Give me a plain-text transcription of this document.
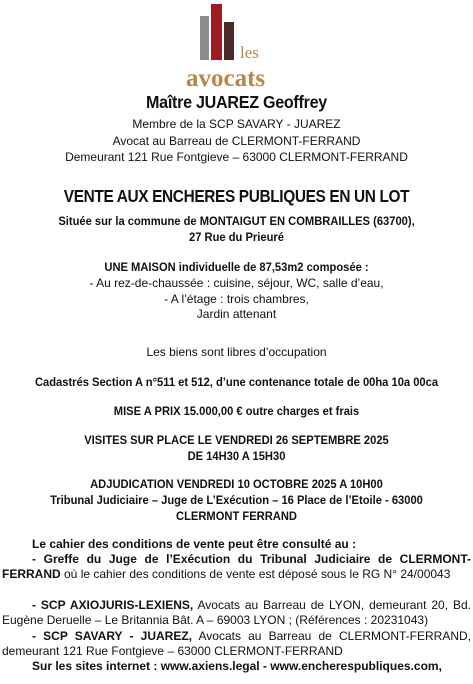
les
avocats
Maître JUAREZ Geoffrey
Membre de la SCP SAVARY - JUAREZ
Avocat au Barreau de CLERMONT-FERRAND
Demeurant 121 Rue Fontgieve – 63000 CLERMONT-FERRAND
VENTE AUX ENCHERES PUBLIQUES EN UN LOT
Située sur la commune de MONTAIGUT EN COMBRAILLES (63700),
27 Rue du Prieuré
UNE MAISON individuelle de 87,53m2 composée :
- Au rez-de-chaussée : cuisine, séjour, WC, salle d’eau,
- A l’étage : trois chambres,
Jardin attenant
Les biens sont libres d’occupation
Cadastrés Section A n°511 et 512, d’une contenance totale de 00ha 10a 00ca
MISE A PRIX 15.000,00 € outre charges et frais
VISITES SUR PLACE LE VENDREDI 26 SEPTEMBRE 2025
DE 14H30 A 15H30
ADJUDICATION VENDREDI 10 OCTOBRE 2025 A 10H00
Tribunal Judiciaire – Juge de L’Exécution – 16 Place de l’Etoile - 63000
CLERMONT FERRAND
Le cahier des conditions de vente peut être consulté au :
- Greffe du Juge de l’Exécution du Tribunal Judiciaire de CLERMONT-FERRAND où le cahier des conditions de vente est déposé sous le RG N° 24/00043
- SCP AXIOJURIS-LEXIENS, Avocats au Barreau de LYON, demeurant 20, Bd. Eugène Deruelle – Le Britannia Bât. A – 69003 LYON ; (Références : 20231043)
- SCP SAVARY - JUAREZ, Avocats au Barreau de CLERMONT-FERRAND, demeurant 121 Rue Fontgieve – 63000 CLERMONT-FERRAND
Sur les sites internet : www.axiens.legal - www.encherespubliques.com,
